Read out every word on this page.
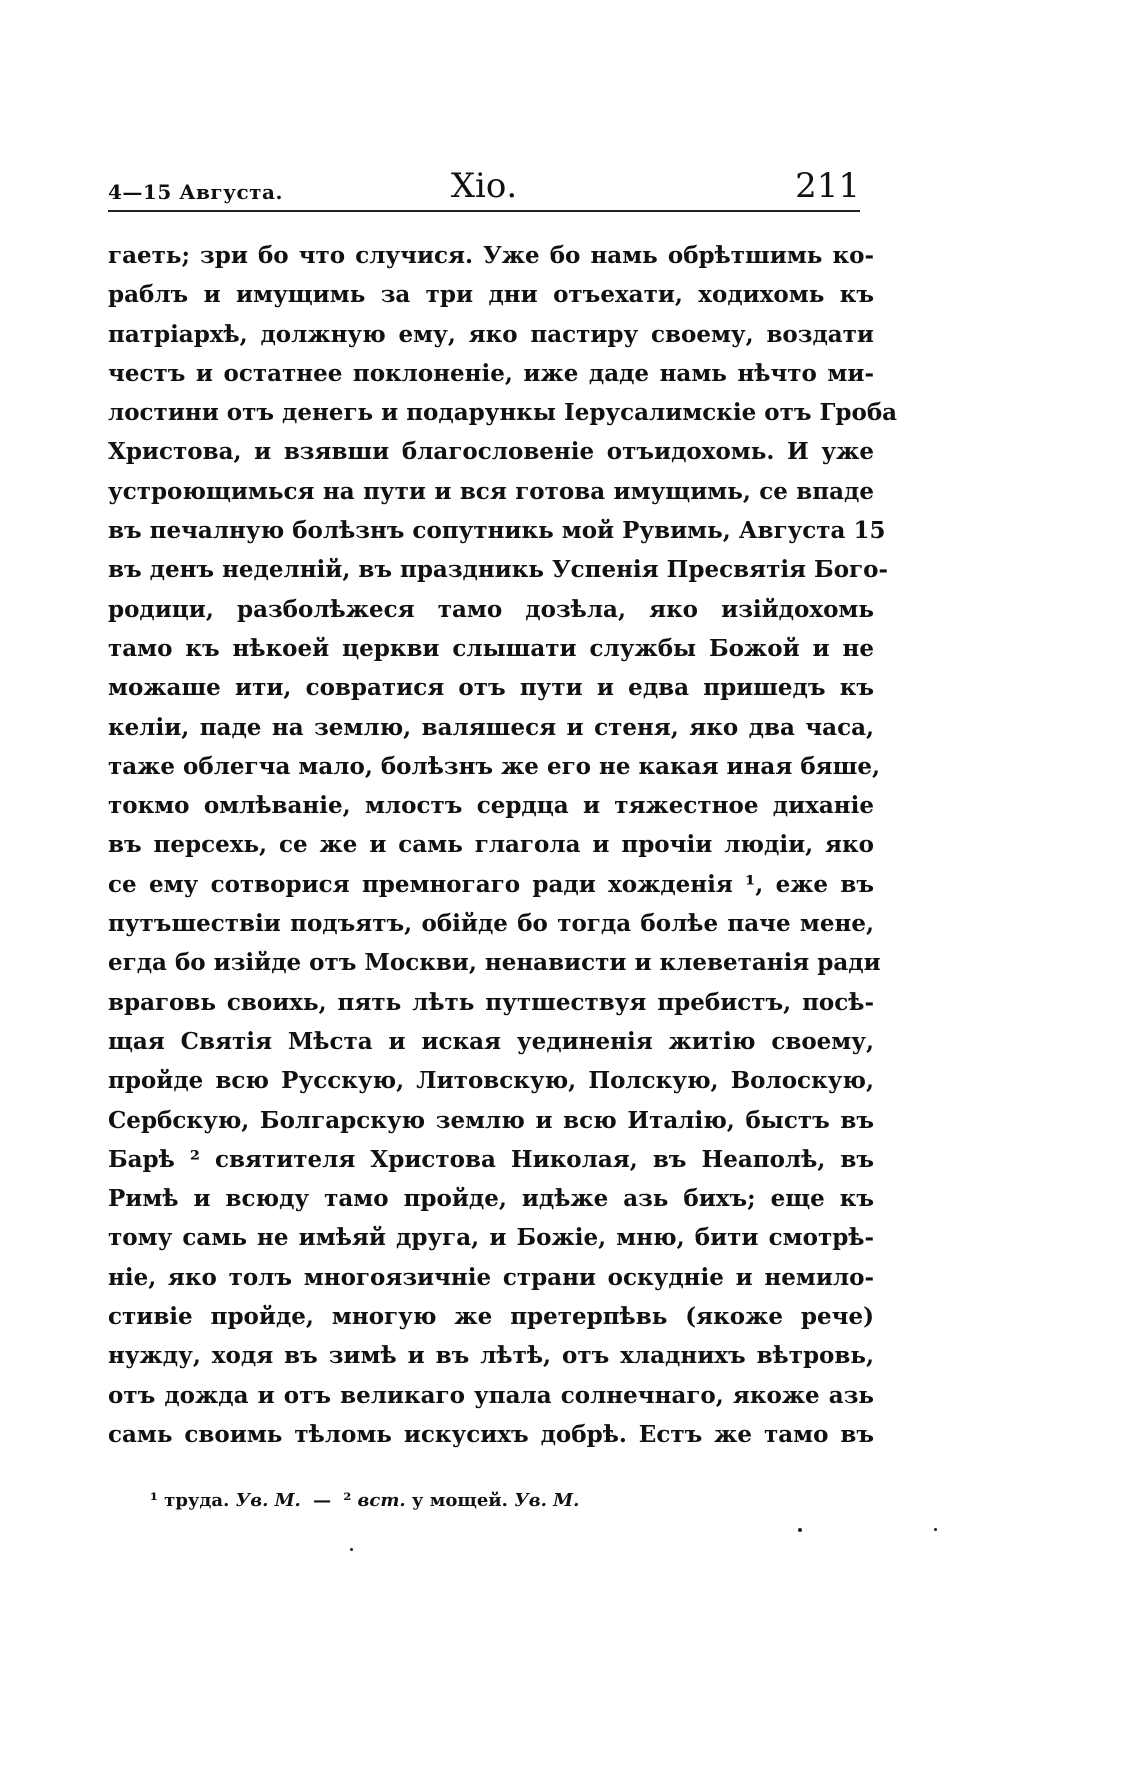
4—15 Августа.	Хіо.	211
гаеть; зри бо что случися. Уже бо намь обрѣтшимь ко-
раблъ и имущимь за три дни отъехати, ходихомь къ
патріархѣ, должную ему, яко пастиру своему, воздати
честъ и остатнее поклоненіе, иже даде намь нѣчто ми-
лостини отъ денегь и подарункы Іерусалимскіе отъ Гроба
Христова, и взявши благословеніе отъидохомь. И уже
устроющимься на пути и вся готова имущимь, се впаде
въ печалную болѣзнъ сопутникь мой Рувимь, Августа 15
въ денъ неделній, въ праздникь Успенія Пресвятія Бого-
родици, разболѣжеся тамо дозѣла, яко изійдохомь
тамо къ нѣкоей церкви слышати службы Божой и не
можаше ити, совратися отъ пути и едва пришедъ къ
келіи, паде на землю, валяшеся и стеня, яко два часа,
таже облегча мало, болѣзнъ же его не какая иная бяше,
токмо омлѣваніе, млостъ сердца и тяжестное диханіе
въ персехь, се же и самь глагола и прочіи людіи, яко
се ему сотворися премногаго ради хожденія ¹, еже въ
путъшествіи подъятъ, обійде бо тогда болѣе паче мене,
егда бо изійде отъ Москви, ненависти и клеветанія ради
враговь своихь, пять лѣть путшествуя пребистъ, посѣ-
щая Святія Мѣста и искaя уединенія житію своему,
пройде всю Русскую, Литовскую, Полскую, Волоскую,
Сербскую, Болгарскую землю и всю Италію, быстъ въ
Барѣ ² святителя Христова Николая, въ Неаполѣ, въ
Римѣ и всюду тамо пройде, идѣже азь бихъ; еще къ
тому самь не имѣяй друга, и Божіе, мню, бити смотрѣ-
ніе, яко толъ многоязичніе страни оскудніе и немило-
стивіе пройде, многую же претерпѣвь (якоже рече)
нужду, ходя въ зимѣ и въ лѣтѣ, отъ хладнихъ вѣтровь,
отъ дождa и отъ великаго упала солнечнаго, якоже азь
самь своимь тѣломь искусихъ добрѣ. Естъ же тамо въ
¹ труда. Ув. М. — ² вст. у мощей. Ув. М.
